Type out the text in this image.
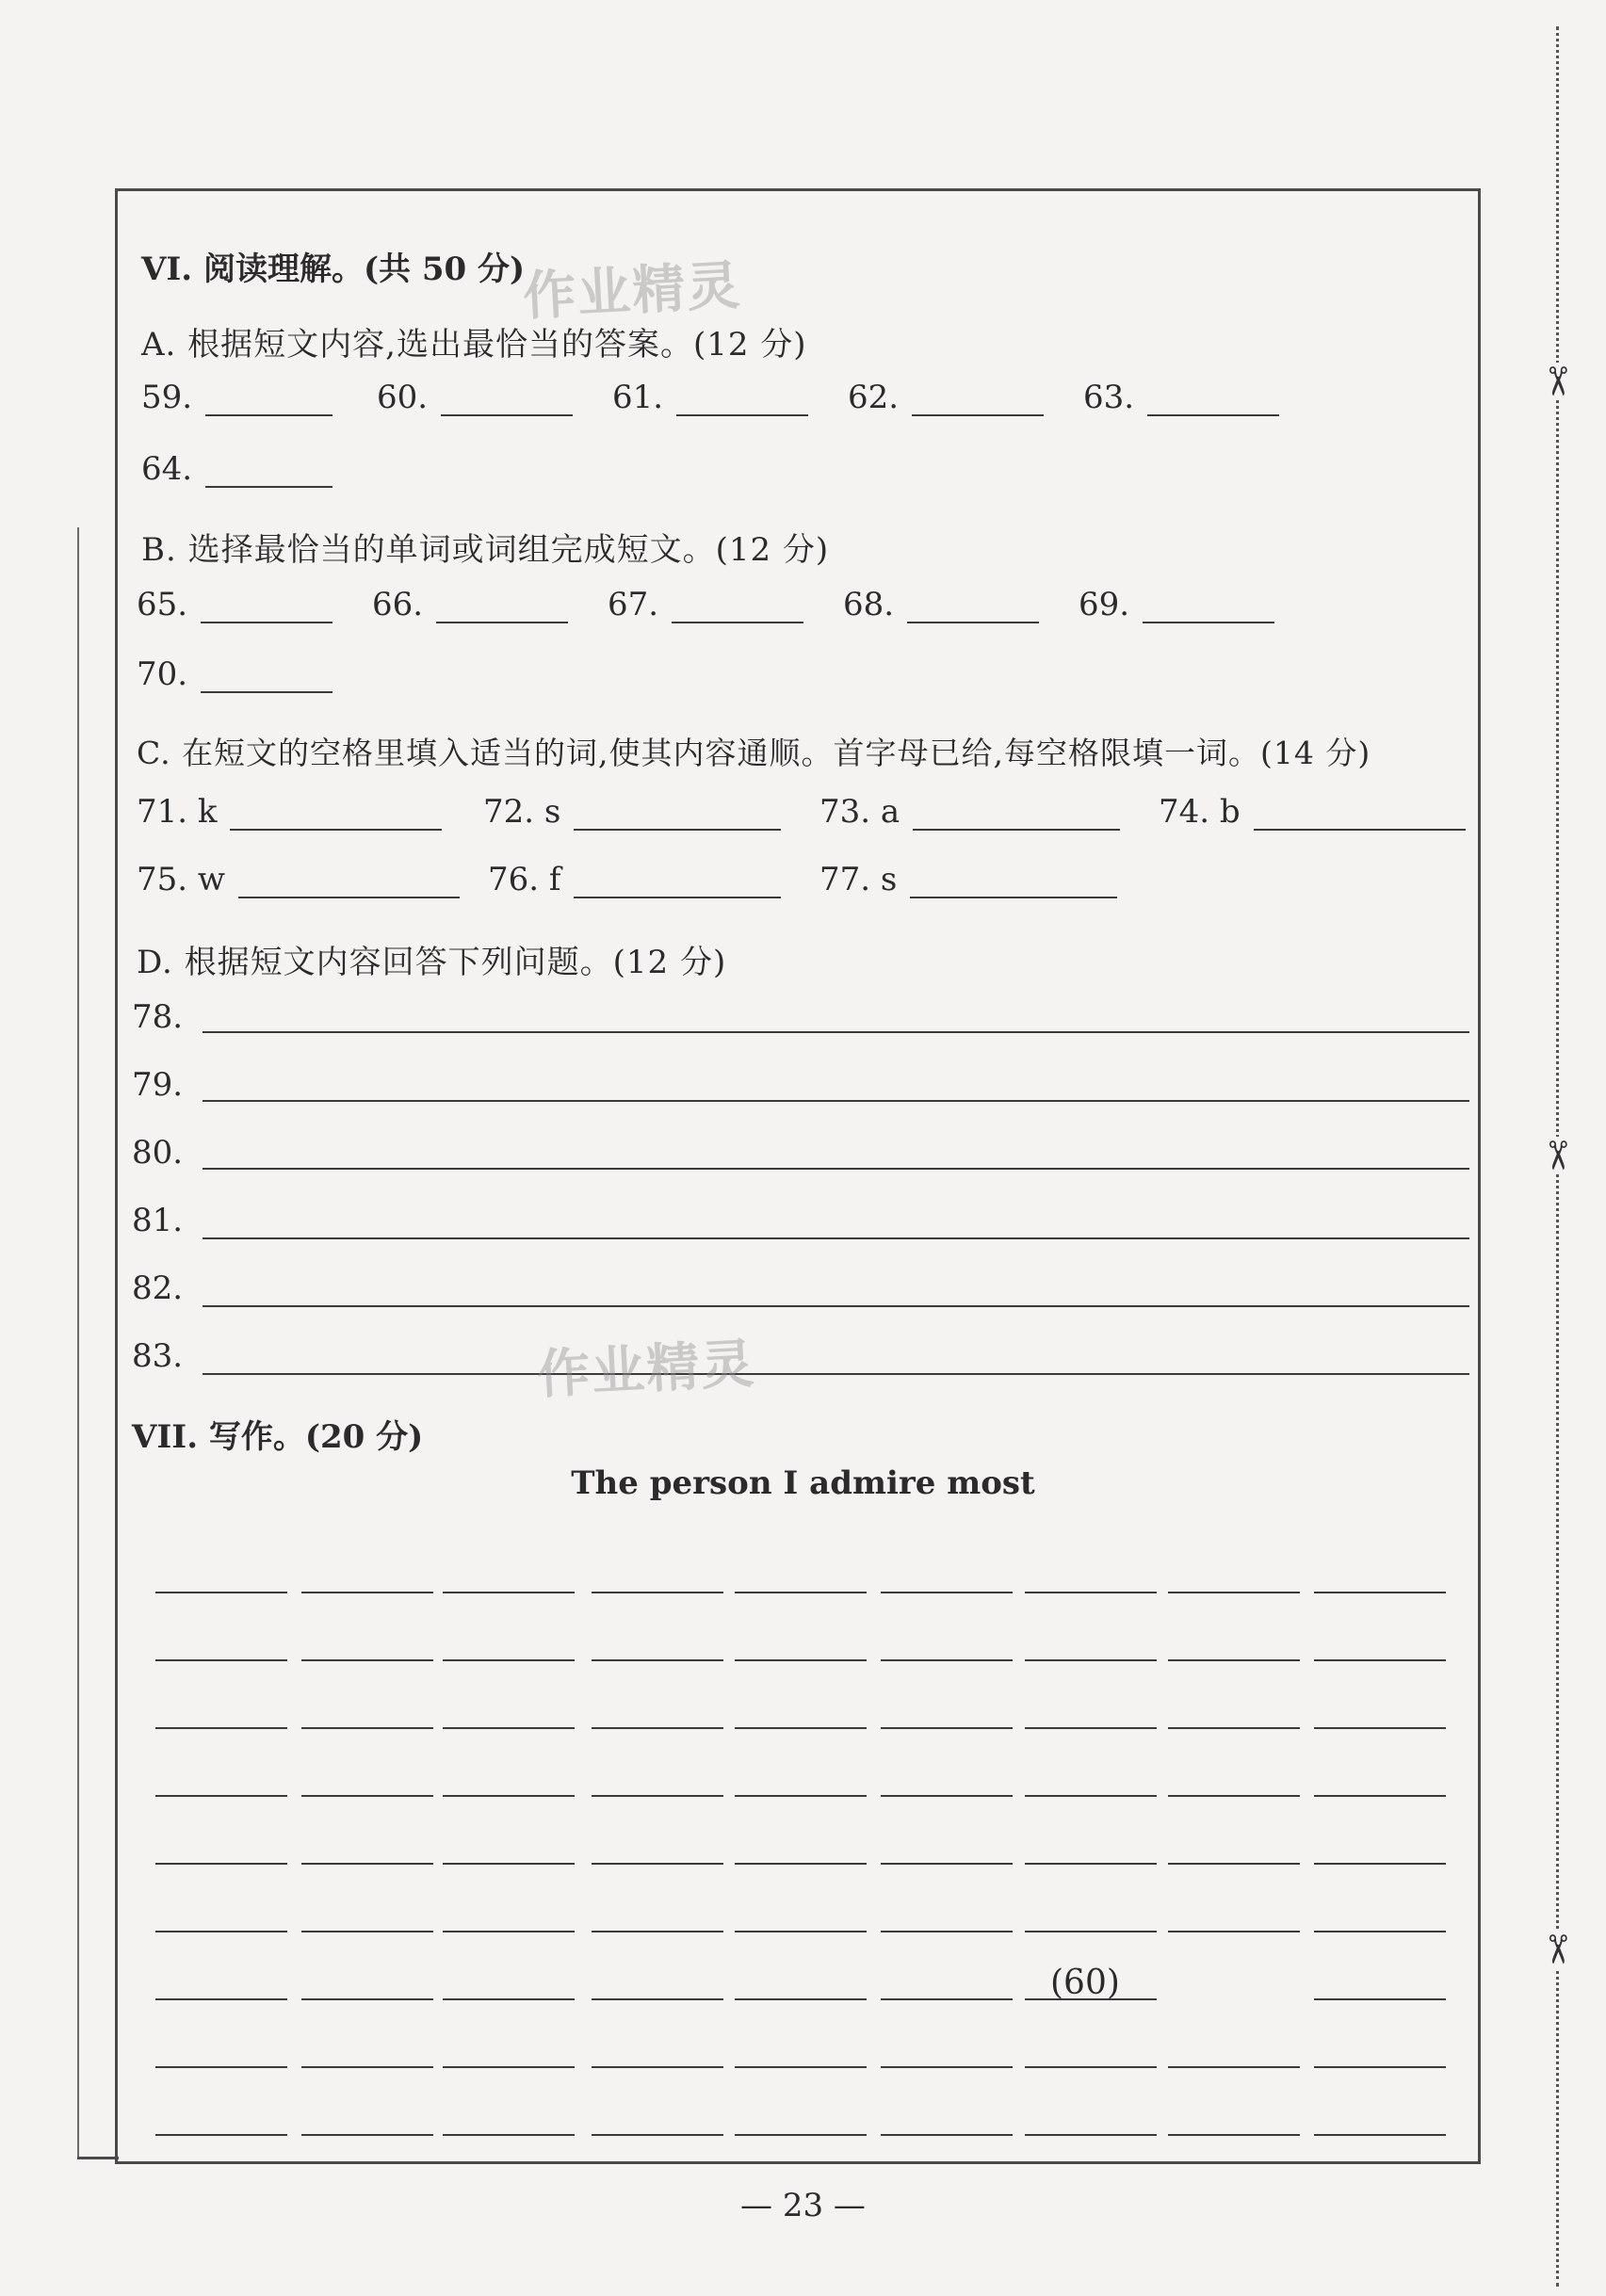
✂
✂
✂
VI. 阅读理解。(共 50 分)
A. 根据短文内容,选出最恰当的答案。(12 分)
59.	60.	61.	62.	63.
64.
B. 选择最恰当的单词或词组完成短文。(12 分)
65.	66.	67.	68.	69.
70.
C. 在短文的空格里填入适当的词,使其内容通顺。首字母已给,每空格限填一词。(14 分)
71. k	72. s	73. a	74. b
75. w	76. f	77. s
D. 根据短文内容回答下列问题。(12 分)
78.
79.
80.
81.
82.
83.
VII. 写作。(20 分)
The person I admire most
(60)
— 23 —
作业精灵
作业精灵
